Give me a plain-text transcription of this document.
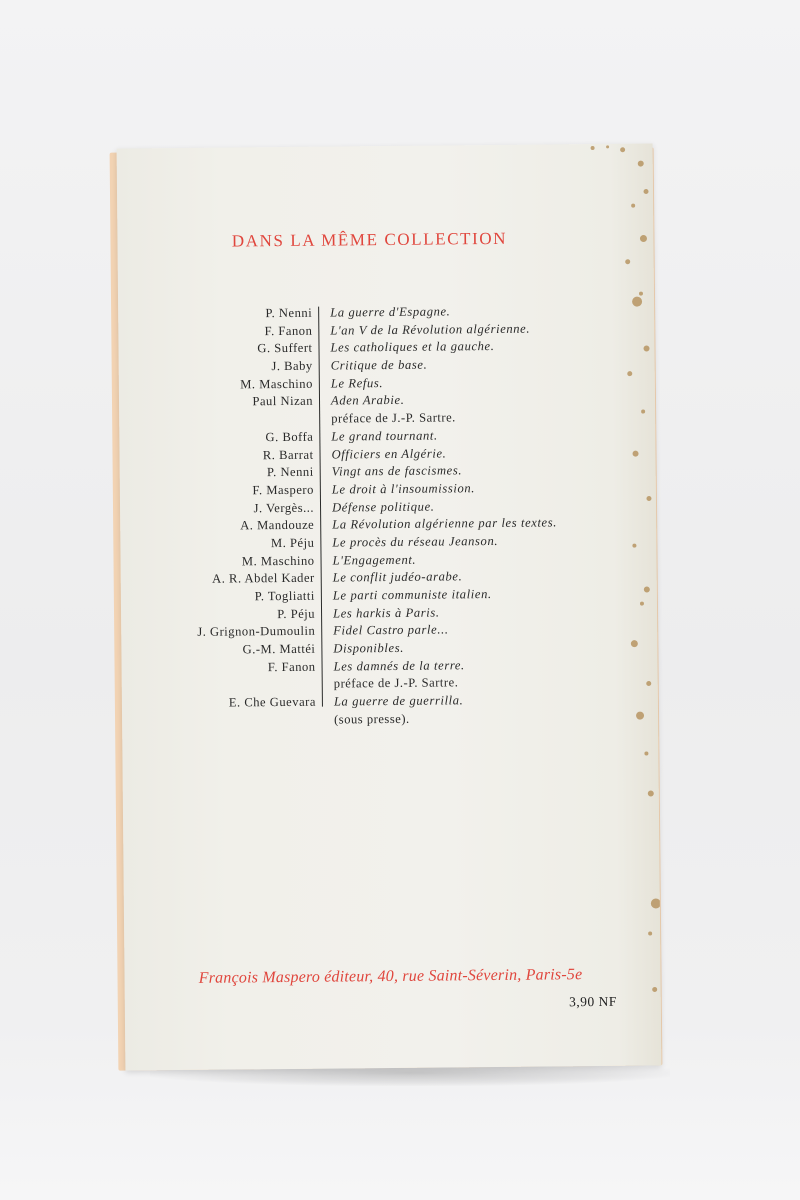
DANS LA MÊME COLLECTION
P. Nenni La guerre d'Espagne.
F. Fanon L'an V de la Révolution algérienne.
G. Suffert Les catholiques et la gauche.
J. Baby Critique de base.
M. Maschino Le Refus.
Paul Nizan Aden Arabie.
préface de J.-P. Sartre.
G. Boffa Le grand tournant.
R. Barrat Officiers en Algérie.
P. Nenni Vingt ans de fascismes.
F. Maspero Le droit à l'insoumission.
J. Vergès... Défense politique.
A. Mandouze La Révolution algérienne par les textes.
M. Péju Le procès du réseau Jeanson.
M. Maschino L'Engagement.
A. R. Abdel Kader Le conflit judéo-arabe.
P. Togliatti Le parti communiste italien.
P. Péju Les harkis à Paris.
J. Grignon-Dumoulin Fidel Castro parle...
G.-M. Mattéi Disponibles.
F. Fanon Les damnés de la terre.
préface de J.-P. Sartre.
E. Che Guevara La guerre de guerrilla.
(sous presse).
François Maspero éditeur, 40, rue Saint-Séverin, Paris-5e
3,90 NF
